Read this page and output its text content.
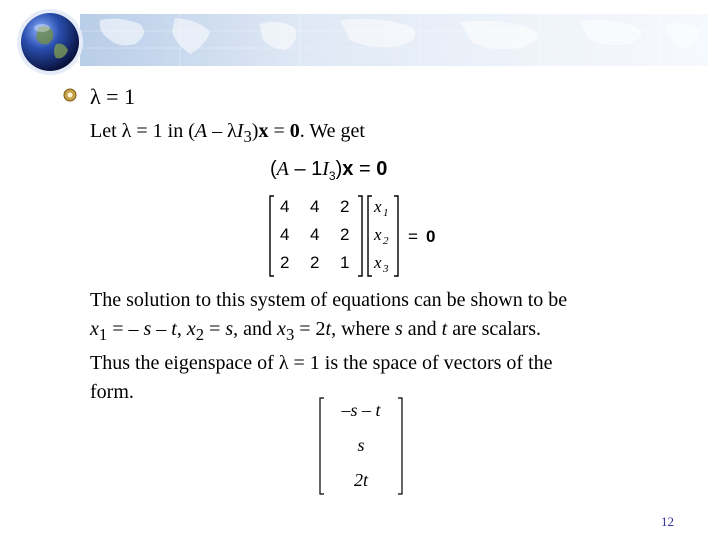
λ = 1
Let λ = 1 in $(A - \lambda I_3)x = 0$. We get
$(A - 1I_3)x = 0$
4 4 2
4 4 2
2 2 1
x 1
x 2
x 3
= 0
The solution to this system of equations can be shown to be
$x_1$ = – s – t, $x_2 = s$, and $x_3 = 2t$, where s and t are scalars.
Thus the eigenspace of λ = 1 is the space of vectors of the
form.
–s – t
s
2t
12
